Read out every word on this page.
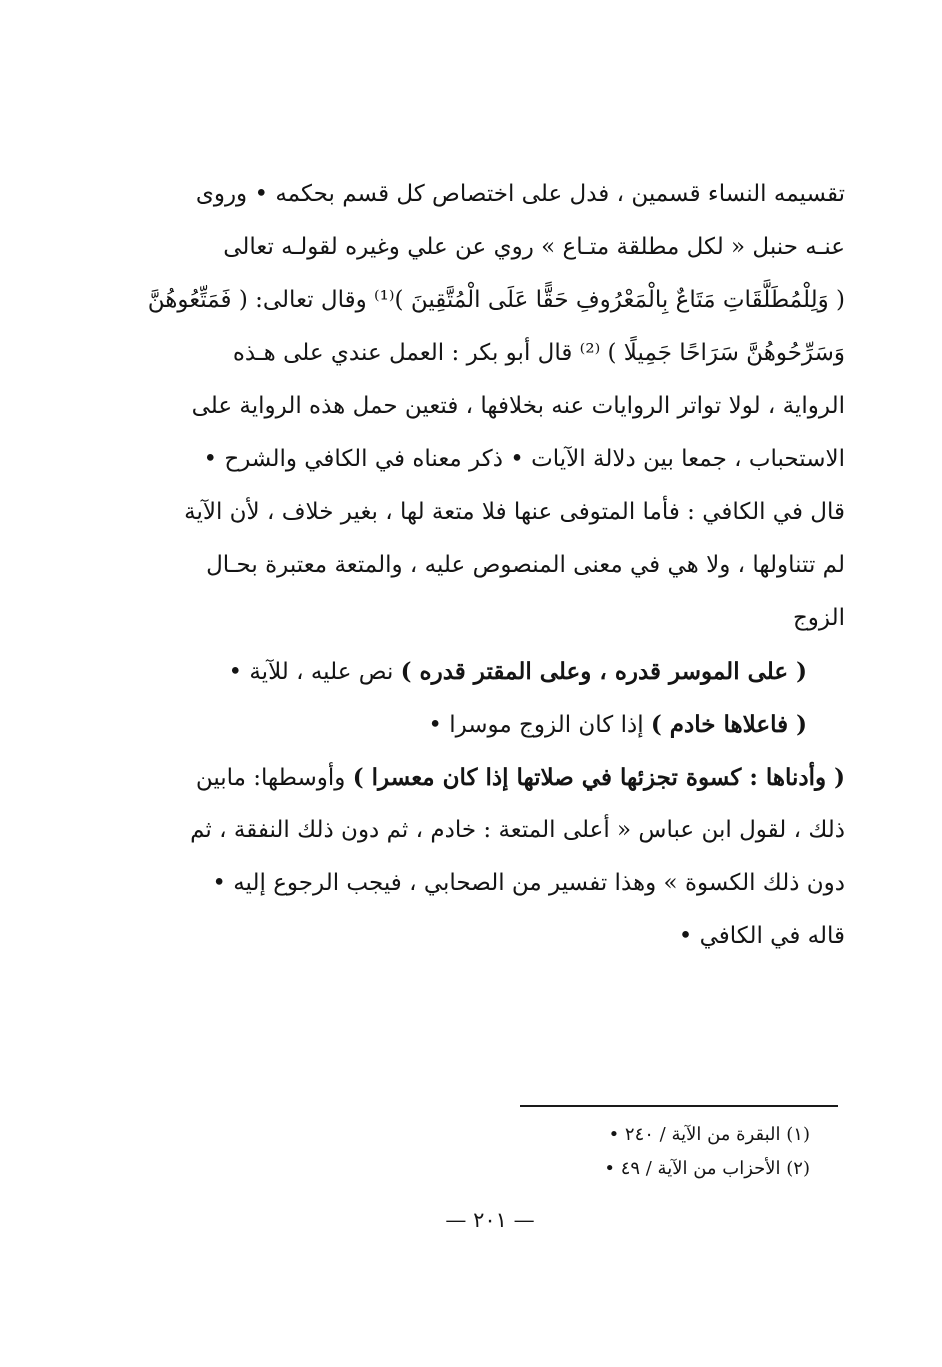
تقسيمه النساء قسمين ، فدل على اختصاص كل قسم بحكمه • وروى
عنـه حنبل « لكل مطلقة متـاع » روي عن علي وغيره لقولـه تعالى
( وَلِلْمُطَلَّقَاتِ مَتَاعٌ بِالْمَعْرُوفِ حَقًّا عَلَى الْمُتَّقِينَ )⁽¹⁾ وقال تعالى: ( فَمَتِّعُوهُنَّ
وَسَرِّحُوهُنَّ سَرَاحًا جَمِيلًا ) ⁽²⁾ قال أبو بكر : العمل عندي على هـذه
الرواية ، لولا تواتر الروايات عنه بخلافها ، فتعين حمل هذه الرواية على
الاستحباب ، جمعا بين دلالة الآيات • ذكر معناه في الكافي والشرح •
قال في الكافي : فأما المتوفى عنها فلا متعة لها ، بغير خلاف ، لأن الآية
لم تتناولها ، ولا هي في معنى المنصوص عليه ، والمتعة معتبرة بحـال
الزوج
( على الموسر قدره ، وعلى المقتر قدره ) نص عليه ، للآية •
( فاعلاها خادم ) إذا كان الزوج موسرا •
( وأدناها : كسوة تجزئها في صلاتها إذا كان معسرا ) وأوسطها: مابين
ذلك ، لقول ابن عباس « أعلى المتعة : خادم ، ثم دون ذلك النفقة ، ثم
دون ذلك الكسوة » وهذا تفسير من الصحابي ، فيجب الرجوع إليه •
قاله في الكافي •
(١) البقرة من الآية / ٢٤٠ •
(٢) الأحزاب من الآية / ٤٩ •
— ٢٠١ —
